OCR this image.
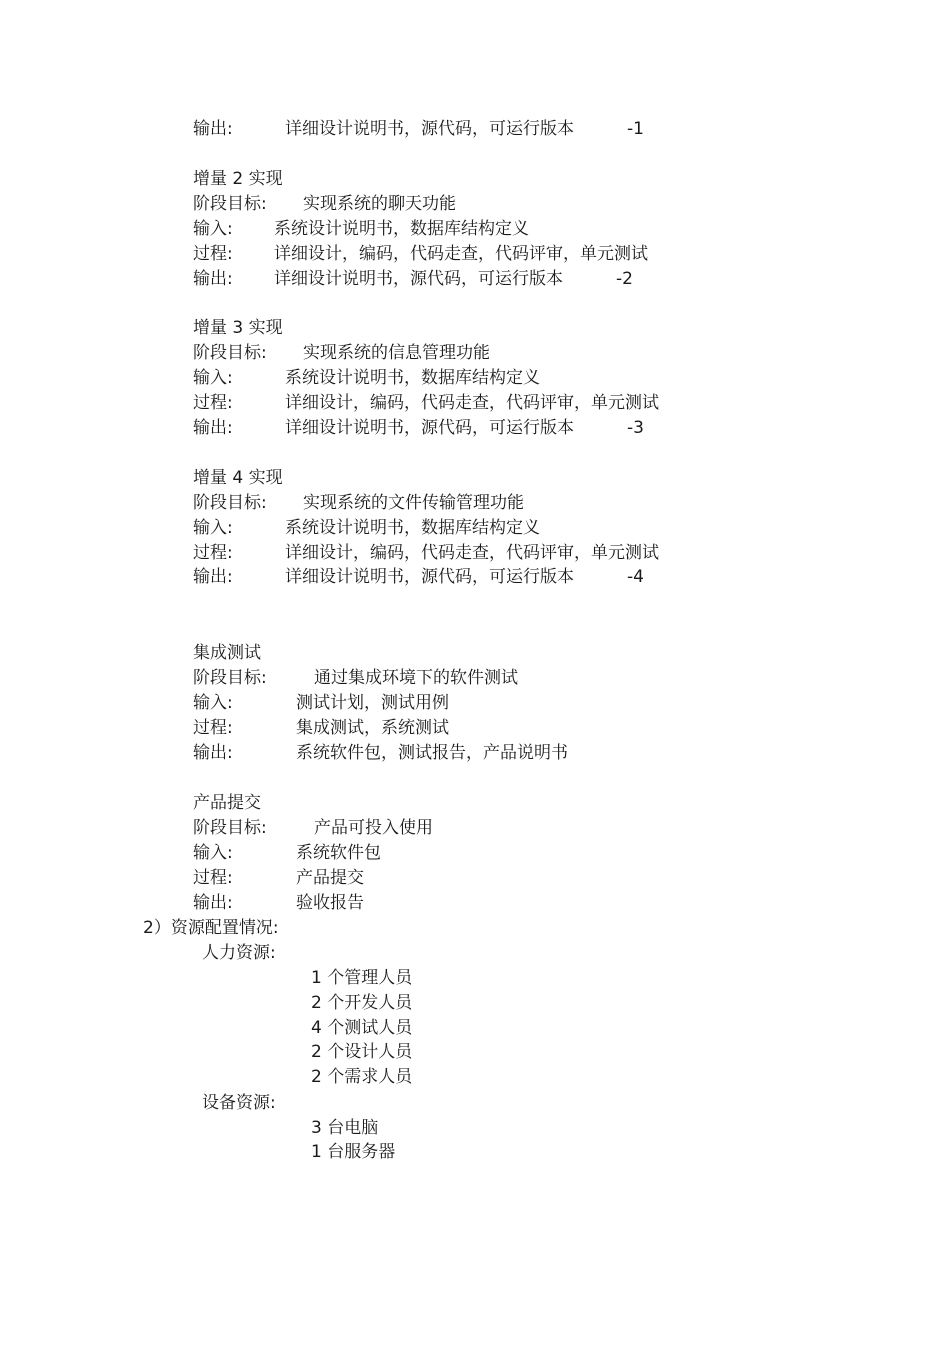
输出:	详细设计说明书，源代码，可运行版本	-1
增量 2 实现
阶段目标: 实现系统的聊天功能
输入: 系统设计说明书，数据库结构定义
过程: 详细设计，编码，代码走查，代码评审，单元测试
输出: 详细设计说明书，源代码，可运行版本	-2
增量 3 实现
阶段目标: 实现系统的信息管理功能
输入:	系统设计说明书，数据库结构定义
过程:	详细设计，编码，代码走查，代码评审，单元测试
输出:	详细设计说明书，源代码，可运行版本	-3
增量 4 实现
阶段目标: 实现系统的文件传输管理功能
输入:	系统设计说明书，数据库结构定义
过程:	详细设计，编码，代码走查，代码评审，单元测试
输出:	详细设计说明书，源代码，可运行版本	-4
集成测试
阶段目标:	通过集成环境下的软件测试
输入:	测试计划，测试用例
过程:	集成测试，系统测试
输出:	系统软件包，测试报告，产品说明书
产品提交
阶段目标:	产品可投入使用
输入:	系统软件包
过程:	产品提交
输出:	验收报告
2）资源配置情况:
人力资源:
1 个管理人员
2 个开发人员
4 个测试人员
2 个设计人员
2 个需求人员
设备资源:
3 台电脑
1 台服务器
